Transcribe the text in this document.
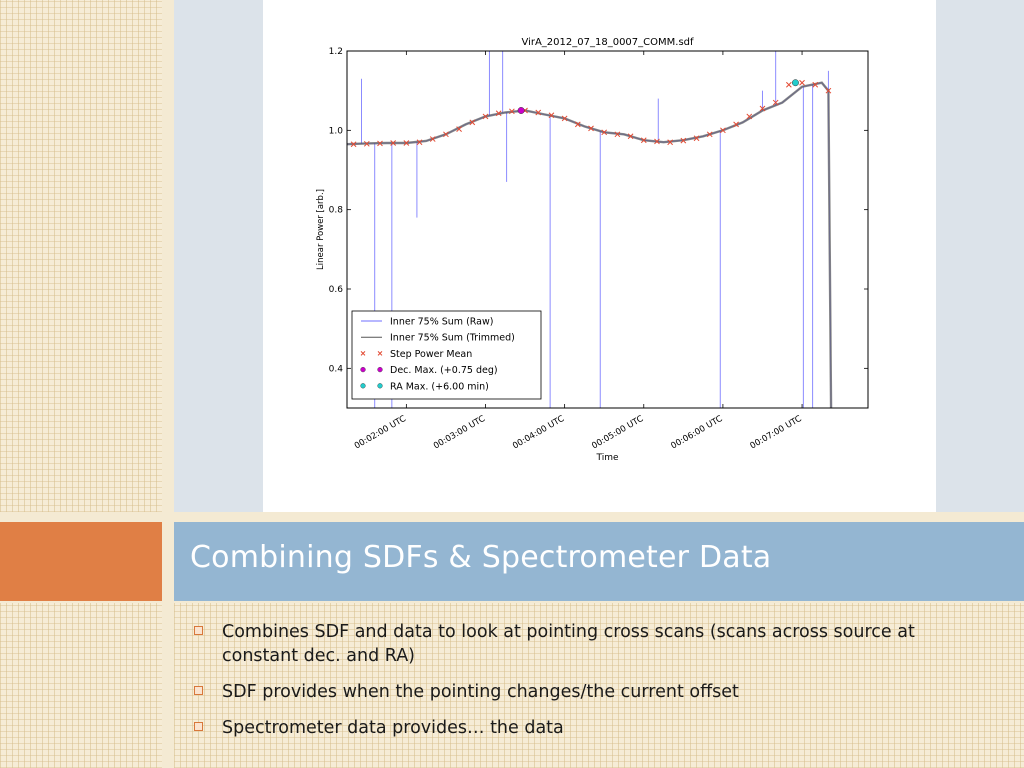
0.4
0.6
0.8
1.0
1.2
00:02:00 UTC	00:03:00 UTC	00:04:00 UTC	00:05:00 UTC	00:06:00 UTC	00:07:00 UTC
VirA_2012_07_18_0007_COMM.sdf
Time
Linear Power [arb.]
Inner 75% Sum (Raw)
Inner 75% Sum (Trimmed)
Step Power Mean
Dec. Max. (+0.75 deg)
RA Max. (+6.00 min)
Combining SDFs & Spectrometer Data
Combines SDF and data to look at pointing cross scans (scans across source at constant dec. and RA)
SDF provides when the pointing changes/the current offset
Spectrometer data provides… the data
